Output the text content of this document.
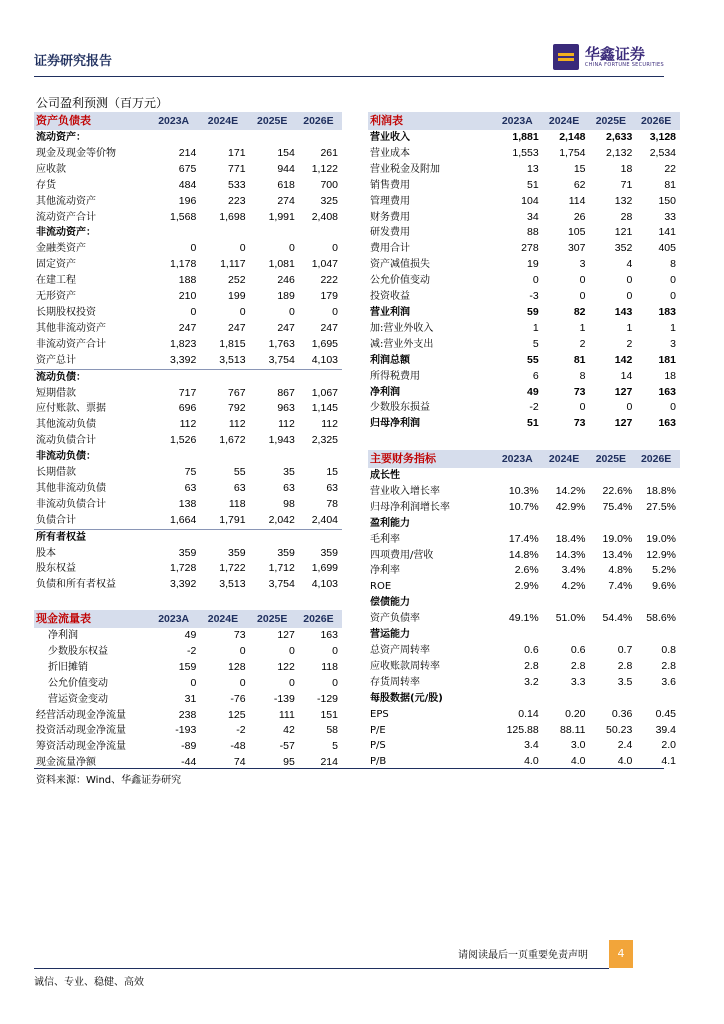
证券研究报告	华鑫证券
CHINA FORTUNE SECURITIES
公司盈利预测（百万元）
资产负债表	2023A	2024E	2025E	2026E
流动资产：				
现金及现金等价物	214	171	154	261
应收款	675	771	944	1,122
存货	484	533	618	700
其他流动资产	196	223	274	325
流动资产合计	1,568	1,698	1,991	2,408
非流动资产：				
金融类资产	0	0	0	0
固定资产	1,178	1,117	1,081	1,047
在建工程	188	252	246	222
无形资产	210	199	189	179
长期股权投资	0	0	0	0
其他非流动资产	247	247	247	247
非流动资产合计	1,823	1,815	1,763	1,695
资产总计	3,392	3,513	3,754	4,103
流动负债：				
短期借款	717	767	867	1,067
应付账款、票据	696	792	963	1,145
其他流动负债	112	112	112	112
流动负债合计	1,526	1,672	1,943	2,325
非流动负债：				
长期借款	75	55	35	15
其他非流动负债	63	63	63	63
非流动负债合计	138	118	98	78
负债合计	1,664	1,791	2,042	2,404
所有者权益				
股本	359	359	359	359
股东权益	1,728	1,722	1,712	1,699
负债和所有者权益	3,392	3,513	3,754	4,103
现金流量表	2023A	2024E	2025E	2026E
净利润	49	73	127	163
少数股东权益	-2	0	0	0
折旧摊销	159	128	122	118
公允价值变动	0	0	0	0
营运资金变动	31	-76	-139	-129
经营活动现金净流量	238	125	111	151
投资活动现金净流量	-193	-2	42	58
筹资活动现金净流量	-89	-48	-57	5
现金流量净额	-44	74	95	214
利润表	2023A	2024E	2025E	2026E
营业收入	1,881	2,148	2,633	3,128
营业成本	1,553	1,754	2,132	2,534
营业税金及附加	13	15	18	22
销售费用	51	62	71	81
管理费用	104	114	132	150
财务费用	34	26	28	33
研发费用	88	105	121	141
费用合计	278	307	352	405
资产减值损失	19	3	4	8
公允价值变动	0	0	0	0
投资收益	-3	0	0	0
营业利润	59	82	143	183
加:营业外收入	1	1	1	1
减:营业外支出	5	2	2	3
利润总额	55	81	142	181
所得税费用	6	8	14	18
净利润	49	73	127	163
少数股东损益	-2	0	0	0
归母净利润	51	73	127	163
主要财务指标	2023A	2024E	2025E	2026E
成长性				
营业收入增长率	10.3%	14.2%	22.6%	18.8%
归母净利润增长率	10.7%	42.9%	75.4%	27.5%
盈利能力				
毛利率	17.4%	18.4%	19.0%	19.0%
四项费用/营收	14.8%	14.3%	13.4%	12.9%
净利率	2.6%	3.4%	4.8%	5.2%
ROE	2.9%	4.2%	7.4%	9.6%
偿债能力				
资产负债率	49.1%	51.0%	54.4%	58.6%
营运能力				
总资产周转率	0.6	0.6	0.7	0.8
应收账款周转率	2.8	2.8	2.8	2.8
存货周转率	3.2	3.3	3.5	3.6
每股数据(元/股)				
EPS	0.14	0.20	0.36	0.45
P/E	125.88	88.11	50.23	39.4
P/S	3.4	3.0	2.4	2.0
P/B	4.0	4.0	4.0	4.1
资料来源：Wind、华鑫证券研究
请阅读最后一页重要免责声明	4
诚信、专业、稳健、高效
